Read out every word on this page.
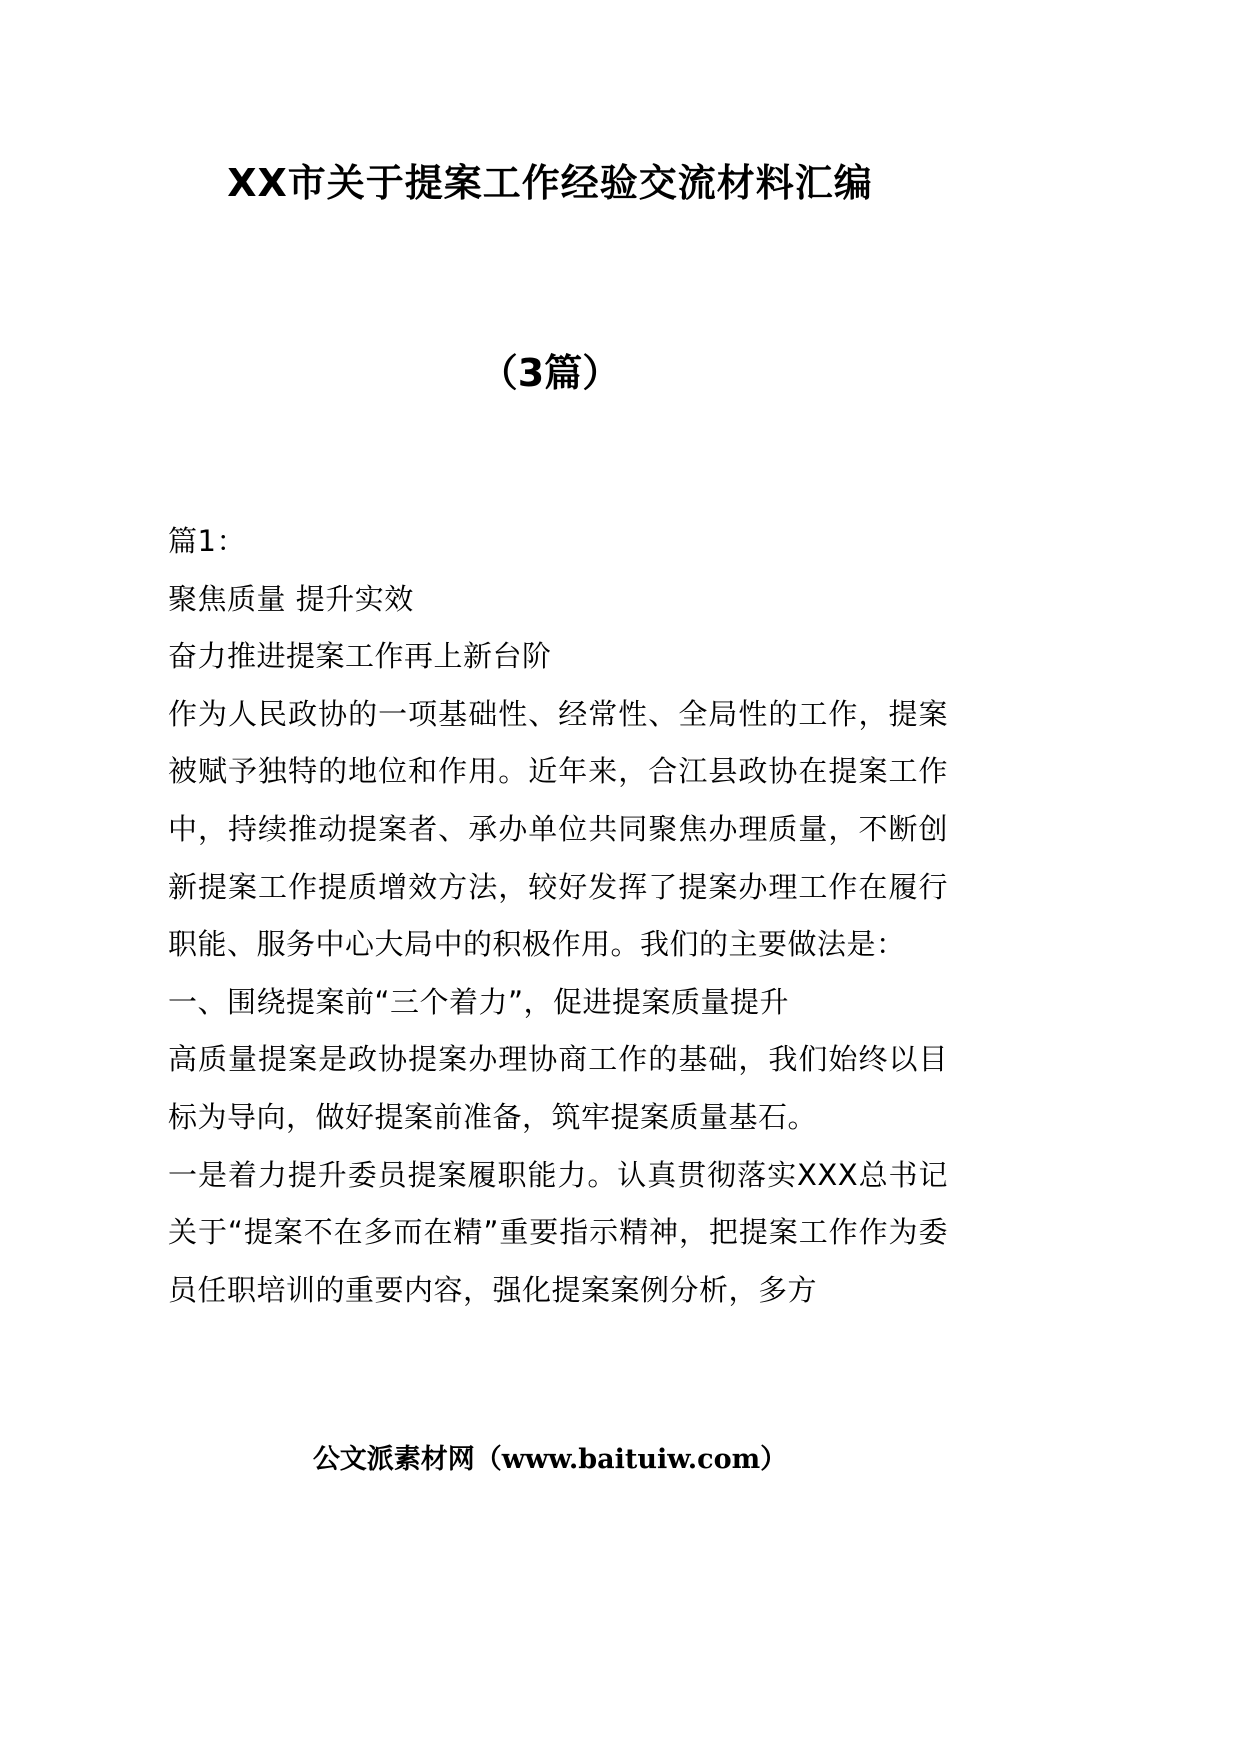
XX市关于提案工作经验交流材料汇编
（3篇）
篇1：
聚焦质量 提升实效
奋力推进提案工作再上新台阶

作为人民政协的一项基础性、经常性、全局性的工作，提案被赋予独特的地位和作用。近年来，合江县政协在提案工作中，持续推动提案者、承办单位共同聚焦办理质量，不断创新提案工作提质增效方法，较好发挥了提案办理工作在履行职能、服务中心大局中的积极作用。我们的主要做法是：

一、围绕提案前“三个着力”，促进提案质量提升

高质量提案是政协提案办理协商工作的基础，我们始终以目标为导向，做好提案前准备，筑牢提案质量基石。

一是着力提升委员提案履职能力。认真贯彻落实XXX总书记关于“提案不在多而在精”重要指示精神，把提案工作作为委员任职培训的重要内容，强化提案案例分析，多方

公文派素材网（www.baituiw.com）
